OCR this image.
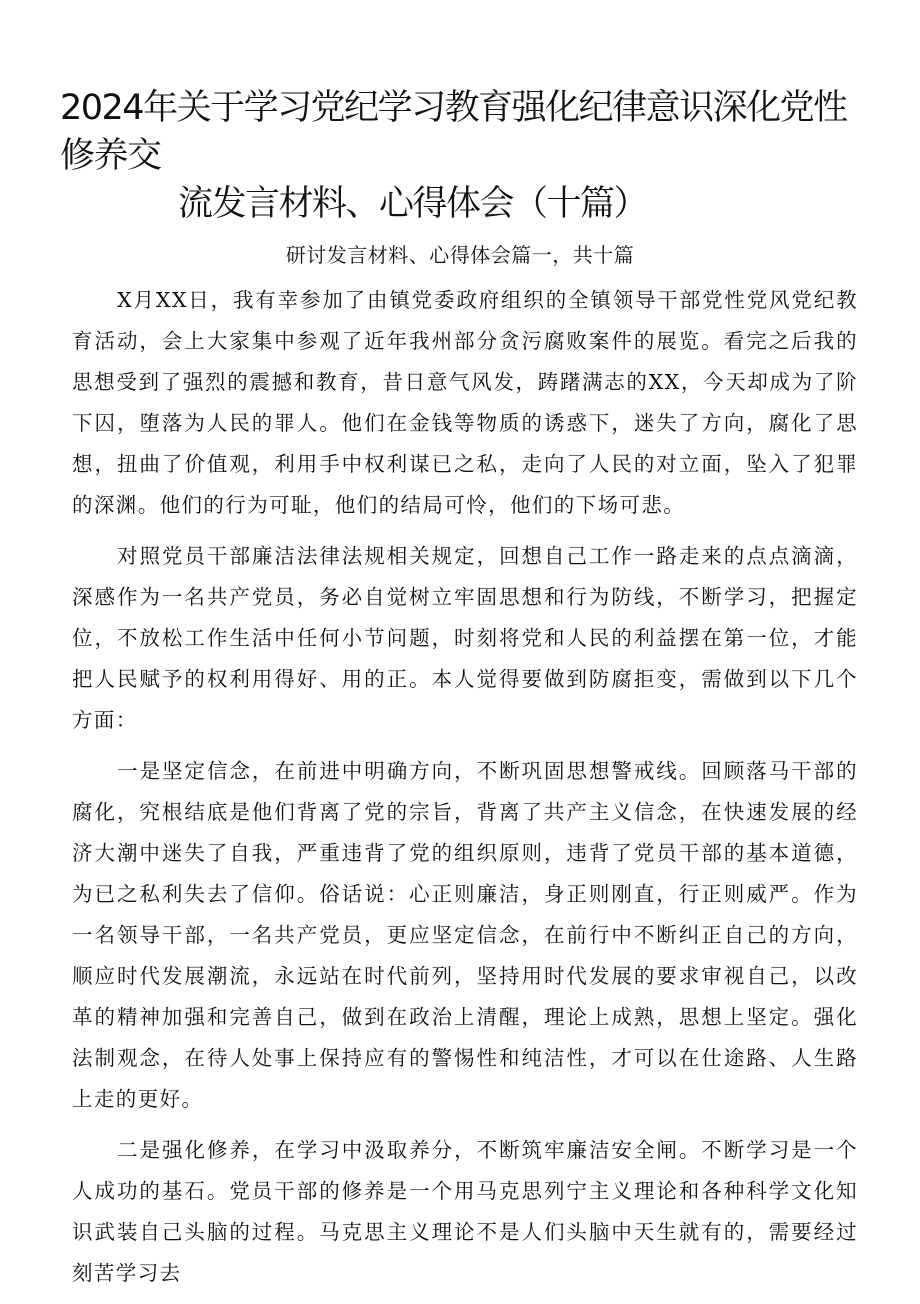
2024年关于学习党纪学习教育强化纪律意识深化党性修养交
流发言材料、心得体会（十篇）
研讨发言材料、心得体会篇一，共十篇

X月XX日，我有幸参加了由镇党委政府组织的全镇领导干部党性党风党纪教育活动，会上大家集中参观了近年我州部分贪污腐败案件的展览。看完之后我的思想受到了强烈的震撼和教育，昔日意气风发，踌躇满志的XX，今天却成为了阶下囚，堕落为人民的罪人。他们在金钱等物质的诱惑下，迷失了方向，腐化了思想，扭曲了价值观，利用手中权利谋已之私，走向了人民的对立面，坠入了犯罪的深渊。他们的行为可耻，他们的结局可怜，他们的下场可悲。

对照党员干部廉洁法律法规相关规定，回想自己工作一路走来的点点滴滴，深感作为一名共产党员，务必自觉树立牢固思想和行为防线，不断学习，把握定位，不放松工作生活中任何小节问题，时刻将党和人民的利益摆在第一位，才能把人民赋予的权利用得好、用的正。本人觉得要做到防腐拒变，需做到以下几个方面：

一是坚定信念，在前进中明确方向，不断巩固思想警戒线。回顾落马干部的腐化，究根结底是他们背离了党的宗旨，背离了共产主义信念，在快速发展的经济大潮中迷失了自我，严重违背了党的组织原则，违背了党员干部的基本道德，为已之私利失去了信仰。俗话说：心正则廉洁，身正则刚直，行正则威严。作为一名领导干部，一名共产党员，更应坚定信念，在前行中不断纠正自己的方向，顺应时代发展潮流，永远站在时代前列，坚持用时代发展的要求审视自己，以改革的精神加强和完善自己，做到在政治上清醒，理论上成熟，思想上坚定。强化法制观念，在待人处事上保持应有的警惕性和纯洁性，才可以在仕途路、人生路上走的更好。

二是强化修养，在学习中汲取养分，不断筑牢廉洁安全闸。不断学习是一个人成功的基石。党员干部的修养是一个用马克思列宁主义理论和各种科学文化知识武装自己头脑的过程。马克思主义理论不是人们头脑中天生就有的，需要经过刻苦学习去
